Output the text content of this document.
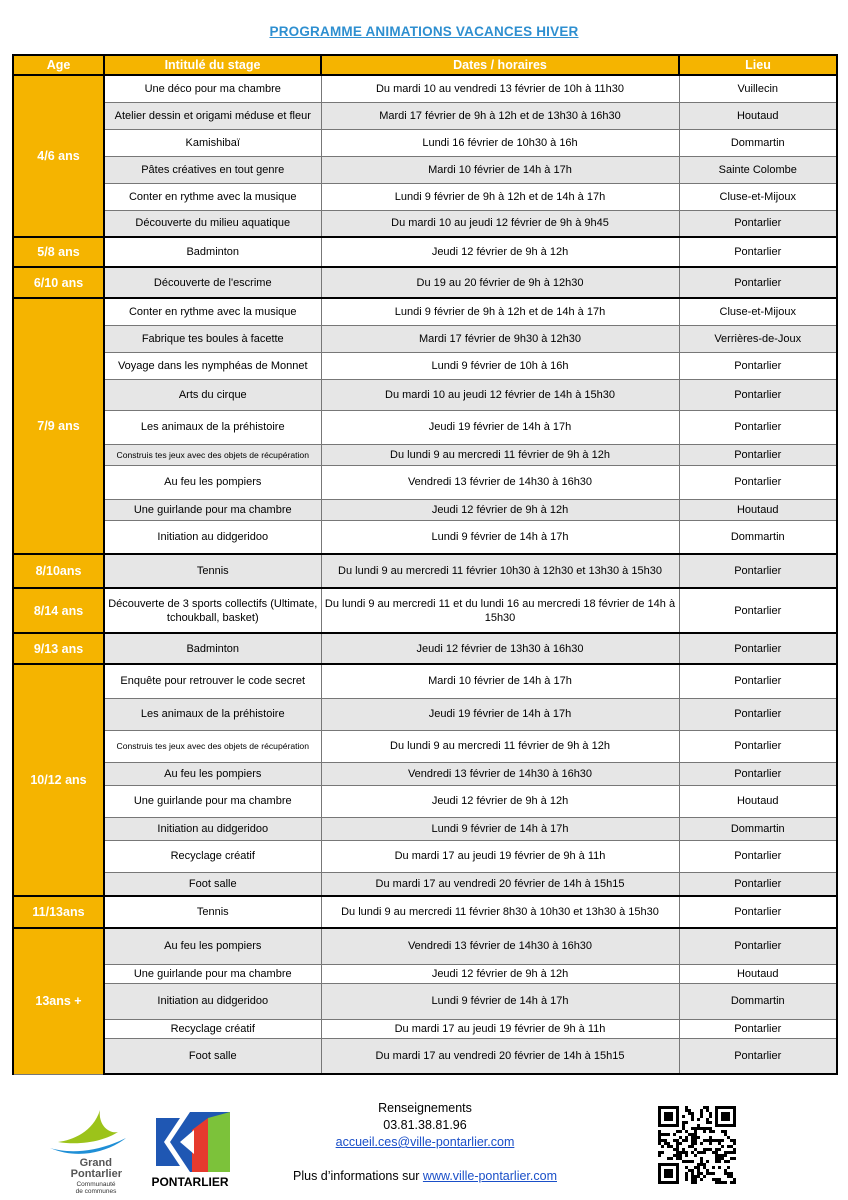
PROGRAMME ANIMATIONS VACANCES HIVER
Age	Intitulé du stage	Dates / horaires	Lieu
4/6 ans	Une déco pour ma chambre	Du mardi 10 au vendredi 13 février de 10h à 11h30	Vuillecin
	Atelier dessin et origami méduse et fleur	Mardi 17 février de 9h à 12h et de 13h30 à 16h30	Houtaud
	Kamishibaï	Lundi 16 février de 10h30 à 16h	Dommartin
	Pâtes créatives en tout genre	Mardi 10 février de 14h à 17h	Sainte Colombe
	Conter en rythme avec la musique	Lundi 9 février de 9h à 12h et de 14h à 17h	Cluse-et-Mijoux
	Découverte du milieu aquatique	Du mardi 10 au jeudi 12 février de 9h à 9h45	Pontarlier
5/8 ans	Badminton	Jeudi 12 février de 9h à 12h	Pontarlier
6/10 ans	Découverte de l'escrime	Du 19 au 20 février de 9h à 12h30	Pontarlier
7/9 ans	Conter en rythme avec la musique	Lundi 9 février de 9h à 12h et de 14h à 17h	Cluse-et-Mijoux
	Fabrique tes boules à facette	Mardi 17 février de 9h30 à 12h30	Verrières-de-Joux
	Voyage dans les nymphéas de Monnet	Lundi 9 février de 10h à 16h	Pontarlier
	Arts du cirque	Du mardi 10 au jeudi 12 février de 14h à 15h30	Pontarlier
	Les animaux de la préhistoire	Jeudi 19 février de 14h à 17h	Pontarlier
	Construis tes jeux avec des objets de récupération	Du lundi 9 au mercredi 11 février de 9h à 12h	Pontarlier
	Au feu les pompiers	Vendredi 13 février de 14h30 à 16h30	Pontarlier
	Une guirlande pour ma chambre	Jeudi 12 février de 9h à 12h	Houtaud
	Initiation au didgeridoo	Lundi 9 février de 14h à 17h	Dommartin
8/10ans	Tennis	Du lundi 9 au mercredi 11 février 10h30 à 12h30 et 13h30 à 15h30	Pontarlier
8/14 ans	Découverte de 3 sports collectifs (Ultimate, tchoukball, basket)	Du lundi 9 au mercredi 11 et du lundi 16 au mercredi 18 février de 14h à 15h30	Pontarlier
9/13 ans	Badminton	Jeudi 12 février de 13h30 à 16h30	Pontarlier
10/12 ans	Enquête pour retrouver le code secret	Mardi 10 février de 14h à 17h	Pontarlier
	Les animaux de la préhistoire	Jeudi 19 février de 14h à 17h	Pontarlier
	Construis tes jeux avec des objets de récupération	Du lundi 9 au mercredi 11 février de 9h à 12h	Pontarlier
	Au feu les pompiers	Vendredi 13 février de 14h30 à 16h30	Pontarlier
	Une guirlande pour ma chambre	Jeudi 12 février de 9h à 12h	Houtaud
	Initiation au didgeridoo	Lundi 9 février de 14h à 17h	Dommartin
	Recyclage créatif	Du mardi 17 au jeudi 19 février de 9h à 11h	Pontarlier
	Foot salle	Du mardi 17 au vendredi 20 février de 14h à 15h15	Pontarlier
11/13ans	Tennis	Du lundi 9 au mercredi 11 février 8h30 à 10h30 et 13h30 à 15h30	Pontarlier
13ans +	Au feu les pompiers	Vendredi 13 février de 14h30 à 16h30	Pontarlier
	Une guirlande pour ma chambre	Jeudi 12 février de 9h à 12h	Houtaud
	Initiation au didgeridoo	Lundi 9 février de 14h à 17h	Dommartin
	Recyclage créatif	Du mardi 17 au jeudi 19 février de 9h à 11h	Pontarlier
	Foot salle	Du mardi 17 au vendredi 20 février de 14h à 15h15	Pontarlier
Grand
Pontarlier
Communauté
de communes
PONTARLIER
Renseignements
03.81.38.81.96
accueil.ces@ville-pontarlier.com
Plus d’informations sur www.ville-pontarlier.com
